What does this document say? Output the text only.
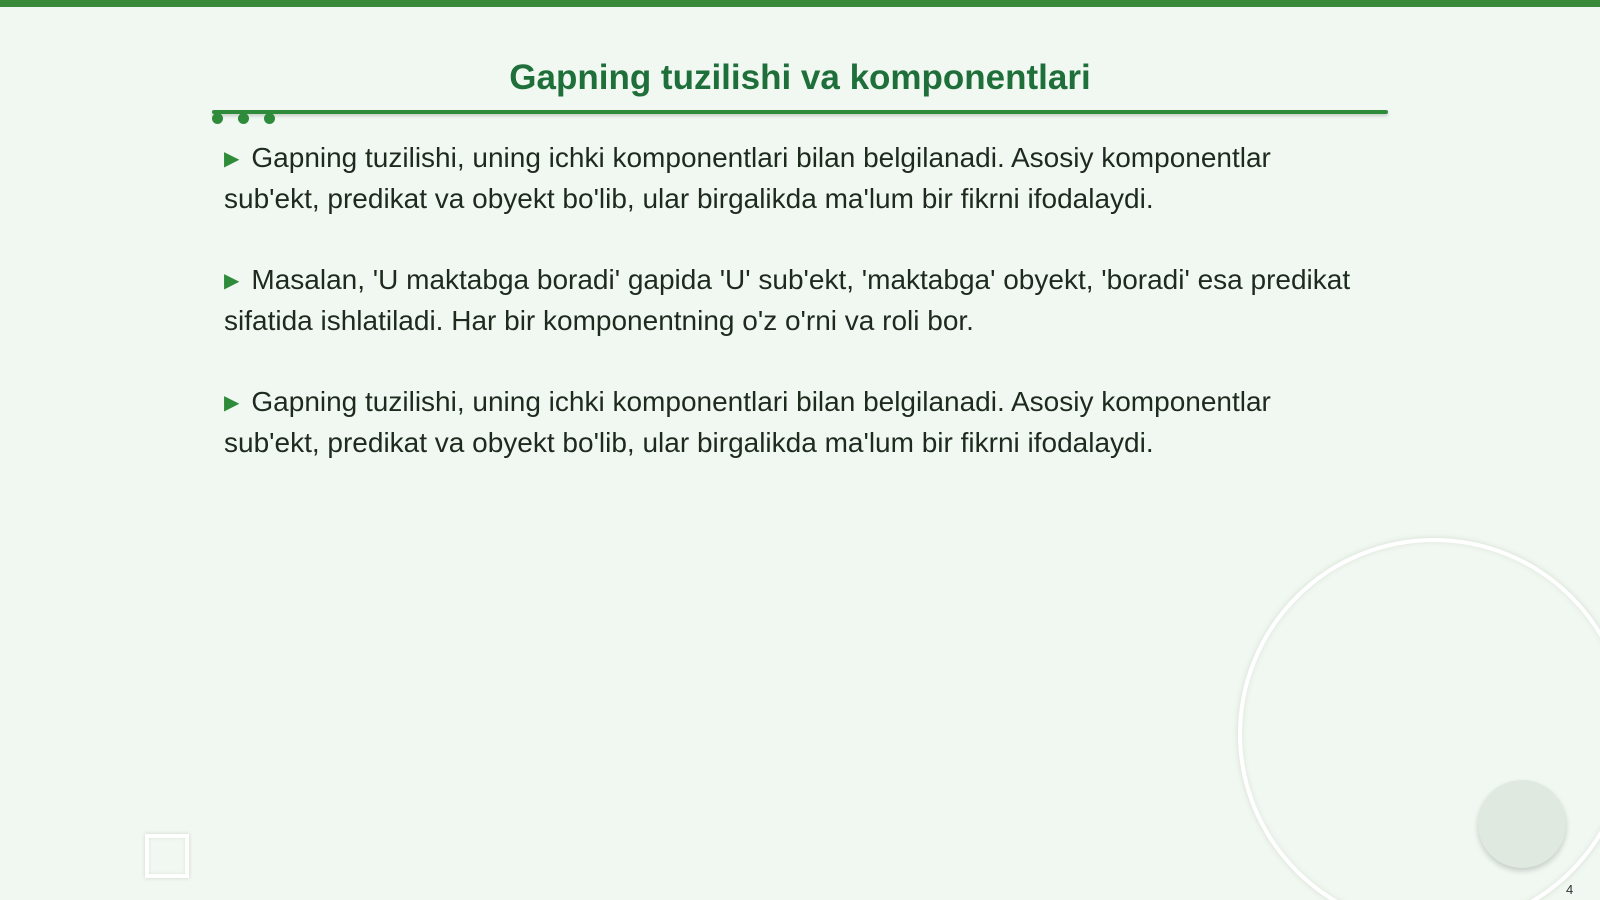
Gapning tuzilishi va komponentlari

▶ Gapning tuzilishi, uning ichki komponentlari bilan belgilanadi. Asosiy komponentlar sub'ekt, predikat va obyekt bo'lib, ular birgalikda ma'lum bir fikrni ifodalaydi.

▶ Masalan, 'U maktabga boradi' gapida 'U' sub'ekt, 'maktabga' obyekt, 'boradi' esa predikat sifatida ishlatiladi. Har bir komponentning o'z o'rni va roli bor.

▶ Gapning tuzilishi, uning ichki komponentlari bilan belgilanadi. Asosiy komponentlar sub'ekt, predikat va obyekt bo'lib, ular birgalikda ma'lum bir fikrni ifodalaydi.

4
